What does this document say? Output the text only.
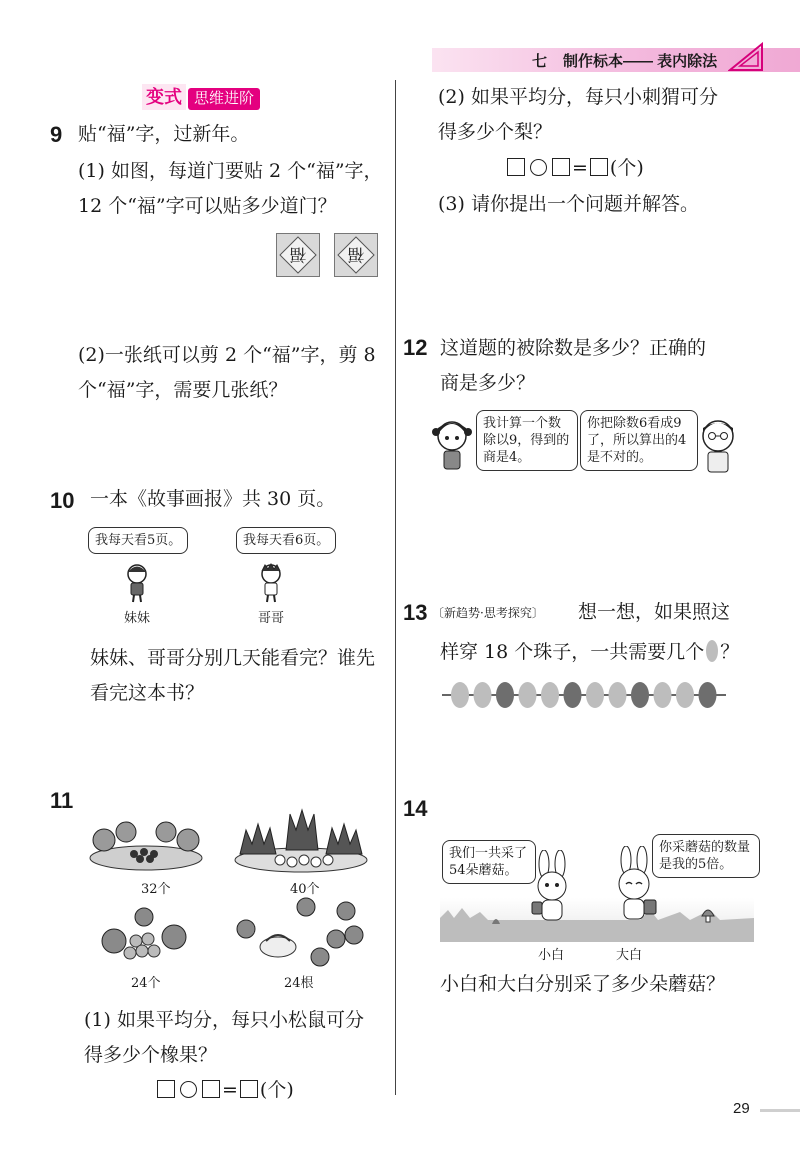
七 制作标本—— 表内除法
变式 思维进阶
9 贴“福”字，过新年。
(1) 如图，每道门要贴 2 个“福”字，
12 个“福”字可以贴多少道门？
福	福
(2)一张纸可以剪 2 个“福”字，剪 8
个“福”字，需要几张纸？
10 一本《故事画报》共 30 页。
我每天看5页。	我每天看6页。
妹妹	哥哥
妹妹、哥哥分别几天能看完？谁先
看完这本书？
11
32个	40个
24个	24根
(1) 如果平均分，每只小松鼠可分
得多少个橡果？
= (个)
(2) 如果平均分，每只小刺猬可分
得多少个梨？
= (个)
(3) 请你提出一个问题并解答。
12 这道题的被除数是多少？正确的
商是多少？
我计算一个数除以9，得到的商是4。
你把除数6看成9了，所以算出的4是不对的。
13 〔新趋势·思考探究〕 想一想，如果照这
样穿 18 个珠子，一共需要几个 ？
14
我们一共采了54朵蘑菇。
你采蘑菇的数量是我的5倍。
小白	大白
小白和大白分别采了多少朵蘑菇？
29
